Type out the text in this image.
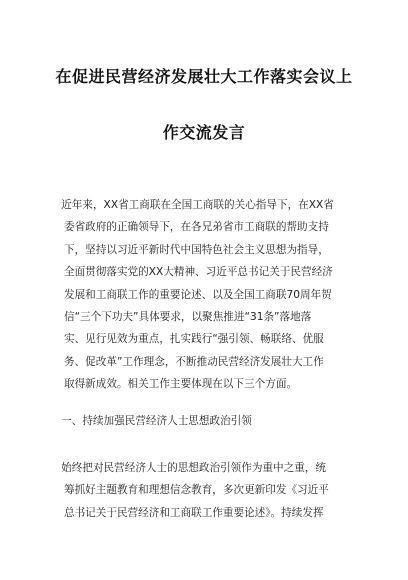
在促进民营经济发展壮大工作落实会议上
作交流发言
　　近年来，XX省工商联在全国工商联的关心指导下，在XX省
委省政府的正确领导下，在各兄弟省市工商联的帮助支持
下，坚持以习近平新时代中国特色社会主义思想为指导，
全面贯彻落实党的XX大精神、习近平总书记关于民营经济
发展和工商联工作的重要论述、以及全国工商联70周年贺
信“三个下功夫”具体要求，以聚焦推进“31条”落地落
实、见行见效为重点，扎实践行“强引领、畅联络、优服
务、促改革”工作理念，不断推动民营经济发展壮大工作
取得新成效。相关工作主要体现在以下三个方面。
　　一、持续加强民营经济人士思想政治引领
　　始终把对民营经济人士的思想政治引领作为重中之重，统
筹抓好主题教育和理想信念教育，多次更新印发《习近平
总书记关于民营经济和工商联工作重要论述》。持续发挥
